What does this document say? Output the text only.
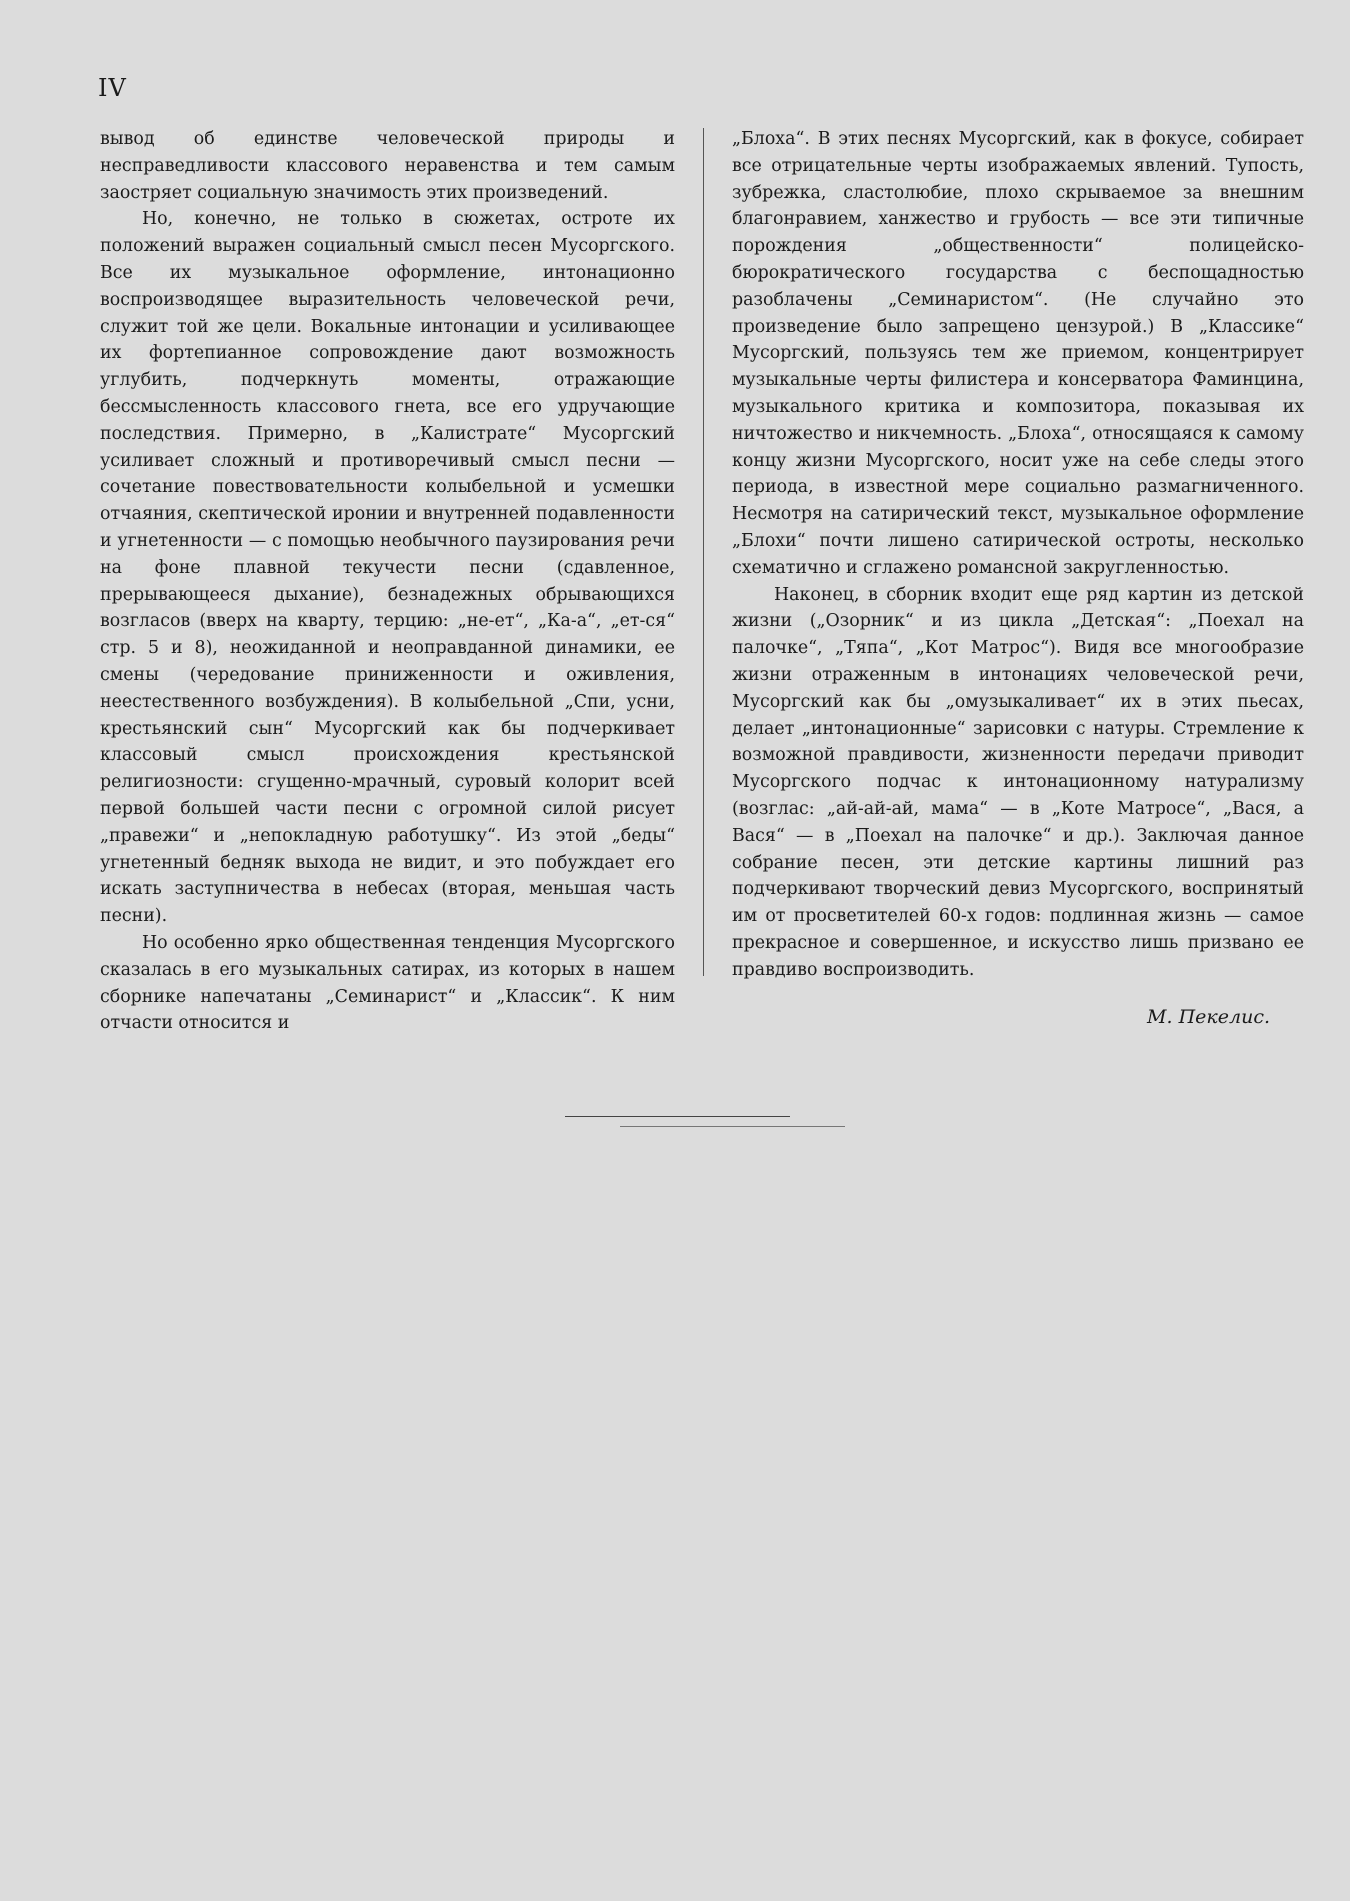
IV

вывод об единстве человеческой природы и несправедливости классового неравенства и тем самым заостряет социальную значимость этих произведений.

Но, конечно, не только в сюжетах, остроте их положений выражен социальный смысл песен Мусоргского. Все их музыкальное оформление, интонационно воспроизводящее выразительность человеческой речи, служит той же цели. Вокальные интонации и усиливающее их фортепианное сопровождение дают возможность углубить, подчеркнуть моменты, отражающие бессмысленность классового гнета, все его удручающие последствия. Примерно, в „Калистрате“ Мусоргский усиливает сложный и противоречивый смысл песни — сочетание повествовательности колыбельной и усмешки отчаяния, скептической иронии и внутренней подавленности и угнетенности — с помощью необычного паузирования речи на фоне плавной текучести песни (сдавленное, прерывающееся дыхание), безнадежных обрывающихся возгласов (вверх на кварту, терцию: „не-ет“, „Ка-а“, „ет-ся“ стр. 5 и 8), неожиданной и неоправданной динамики, ее смены (чередование приниженности и оживления, неестественного возбуждения). В колыбельной „Спи, усни, крестьянский сын“ Мусоргский как бы подчеркивает классовый смысл происхождения крестьянской религиозности: сгущенно-мрачный, суровый колорит всей первой большей части песни с огромной силой рисует „правежи“ и „непокладную работушку“. Из этой „беды“ угнетенный бедняк выхода не видит, и это побуждает его искать заступничества в небесах (вторая, меньшая часть песни).

Но особенно ярко общественная тенденция Мусоргского сказалась в его музыкальных сатирах, из которых в нашем сборнике напечатаны „Семинарист“ и „Классик“. К ним отчасти относится и

„Блоха“. В этих песнях Мусоргский, как в фокусе, собирает все отрицательные черты изображаемых явлений. Тупость, зубрежка, сластолюбие, плохо скрываемое за внешним благонравием, ханжество и грубость — все эти типичные порождения „общественности“ полицейско-бюрократического государства с беспощадностью разоблачены „Семинаристом“. (Не случайно это произведение было запрещено цензурой.) В „Классике“ Мусоргский, пользуясь тем же приемом, концентрирует музыкальные черты филистера и консерватора Фаминцина, музыкального критика и композитора, показывая их ничтожество и никчемность. „Блоха“, относящаяся к самому концу жизни Мусоргского, носит уже на себе следы этого периода, в известной мере социально размагниченного. Несмотря на сатирический текст, музыкальное оформление „Блохи“ почти лишено сатирической остроты, несколько схематично и сглажено романсной закругленностью.

Наконец, в сборник входит еще ряд картин из детской жизни („Озорник“ и из цикла „Детская“: „Поехал на палочке“, „Тяпа“, „Кот Матрос“). Видя все многообразие жизни отраженным в интонациях человеческой речи, Мусоргский как бы „омузыкаливает“ их в этих пьесах, делает „интонационные“ зарисовки с натуры. Стремление к возможной правдивости, жизненности передачи приводит Мусоргского подчас к интонационному натурализму (возглас: „ай-ай-ай, мама“ — в „Коте Матросе“, „Вася, а Вася“ — в „Поехал на палочке“ и др.). Заключая данное собрание песен, эти детские картины лишний раз подчеркивают творческий девиз Мусоргского, воспринятый им от просветителей 60-х годов: подлинная жизнь — самое прекрасное и совершенное, и искусство лишь призвано ее правдиво воспроизводить.

М. Пекелис.
